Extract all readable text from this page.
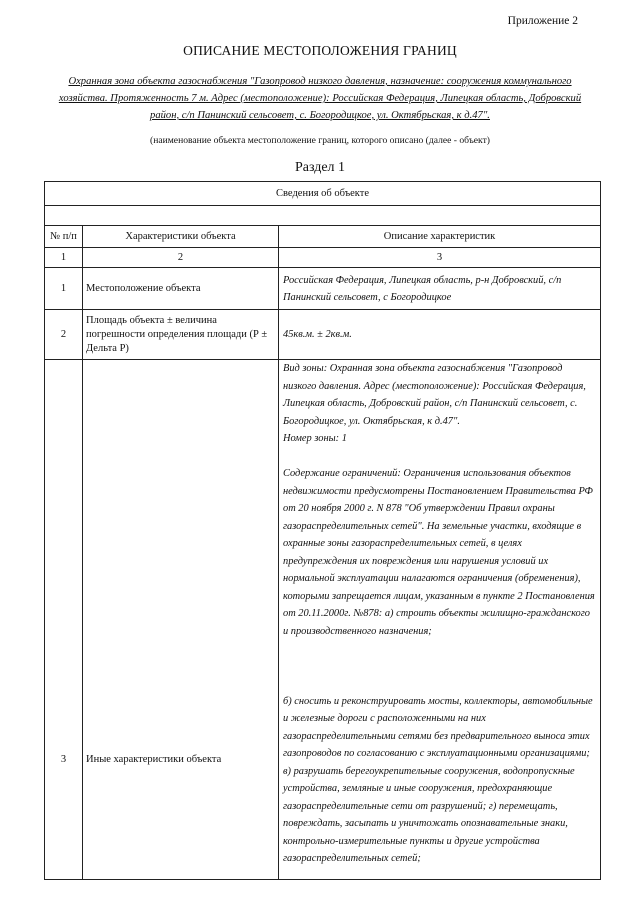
Приложение 2
ОПИСАНИЕ МЕСТОПОЛОЖЕНИЯ ГРАНИЦ
Охранная зона объекта газоснабжения "Газопровод низкого давления, назначение: сооружения коммунального хозяйства. Протяженность 7 м. Адрес (местоположение): Российская Федерация, Липецкая область, Добровский район, с/п Панинский сельсовет, с. Богородицкое, ул. Октябрьская, к д.47".
(наименование объекта местоположение границ, которого описано (далее - объект)
Раздел 1
Сведения об объекте		

№ п/п	Характеристики объекта	Описание характеристик
1	2	3
1	Местоположение объекта	Российская Федерация, Липецкая область, р-н Добровский, с/п Панинский сельсовет, с Богородицкое
2	Площадь объекта ± величина погрешности определения площади (Р ± Дельта Р)	45кв.м. ± 2кв.м.
3	Иные характеристики объекта	Вид зоны: Охранная зона объекта газоснабжения "Газопровод низкого давления. Адрес (местоположение): Российская Федерация, Липецкая область, Добровский район, с/п Панинский сельсовет, с. Богородицкое, ул. Октябрьская, к д.47".
Номер зоны: 1

Содержание ограничений: Ограничения использования объектов недвижимости предусмотрены Постановлением Правительства РФ от 20 ноября 2000 г. N 878 "Об утверждении Правил охраны газораспределительных сетей". На земельные участки, входящие в охранные зоны газораспределительных сетей, в целях предупреждения их повреждения или нарушения условий их нормальной эксплуатации налагаются ограничения (обременения), которыми запрещается лицам, указанным в пункте 2 Постановления от 20.11.2000г. №878: а) строить объекты жилищно-гражданского и производственного назначения;

б) сносить и реконструировать мосты, коллекторы, автомобильные и железные дороги с расположенными на них газораспределительными сетями без предварительного выноса этих газопроводов по согласованию с эксплуатационными организациями; в) разрушать берегоукрепительные сооружения, водопропускные устройства, земляные и иные сооружения, предохраняющие газораспределительные сети от разрушений; г) перемещать, повреждать, засыпать и уничтожать опознавательные знаки, контрольно-измерительные пункты и другие устройства газораспределительных сетей;
